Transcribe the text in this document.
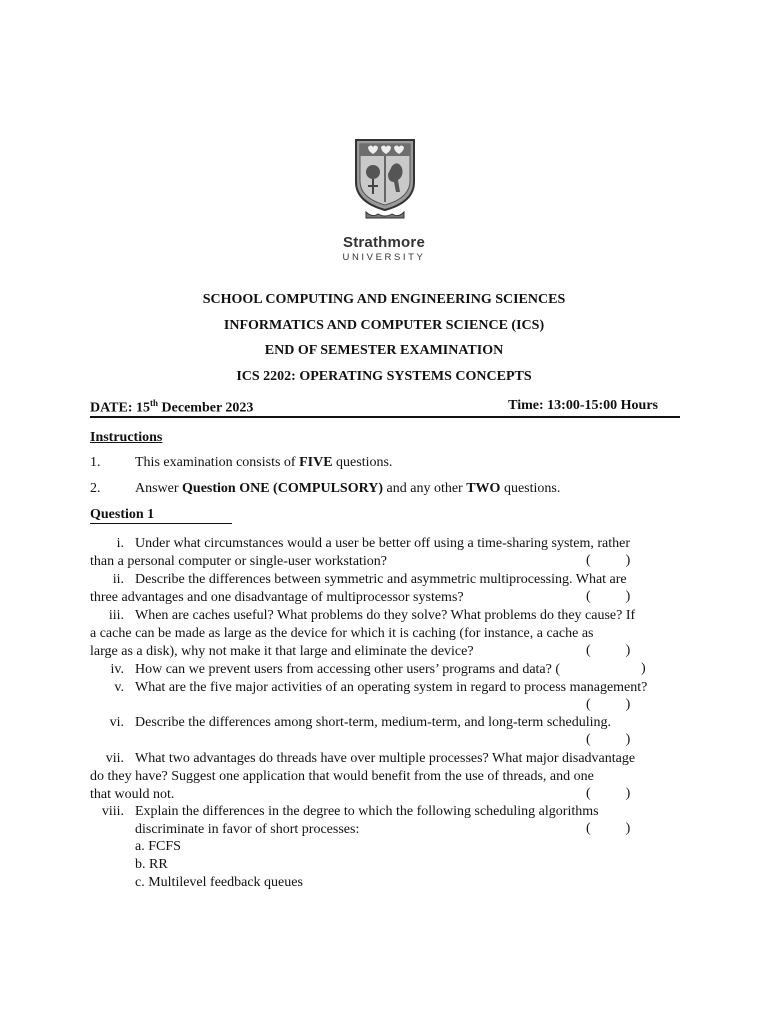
Strathmore
UNIVERSITY
SCHOOL COMPUTING AND ENGINEERING SCIENCES
INFORMATICS AND COMPUTER SCIENCE (ICS)
END OF SEMESTER EXAMINATION
ICS 2202: OPERATING SYSTEMS CONCEPTS
DATE: 15th December 2023	Time: 13:00-15:00 Hours
Instructions
1. This examination consists of FIVE questions.
2. Answer Question ONE (COMPULSORY) and any other TWO questions.
Question 1
i. Under what circumstances would a user be better off using a time-sharing system, rather
than a personal computer or single-user workstation?	(          )
ii. Describe the differences between symmetric and asymmetric multiprocessing. What are
three advantages and one disadvantage of multiprocessor systems?	(          )
iii. When are caches useful? What problems do they solve? What problems do they cause? If
a cache can be made as large as the device for which it is caching (for instance, a cache as
large as a disk), why not make it that large and eliminate the device?	(          )
iv. How can we prevent users from accessing other users’ programs and data? (	)
v. What are the five major activities of an operating system in regard to process management?
(          )
vi. Describe the differences among short-term, medium-term, and long-term scheduling.
(          )
vii. What two advantages do threads have over multiple processes? What major disadvantage
do they have? Suggest one application that would benefit from the use of threads, and one
that would not.	(          )
viii. Explain the differences in the degree to which the following scheduling algorithms
discriminate in favor of short processes:	(          )
a. FCFS
b. RR
c. Multilevel feedback queues
